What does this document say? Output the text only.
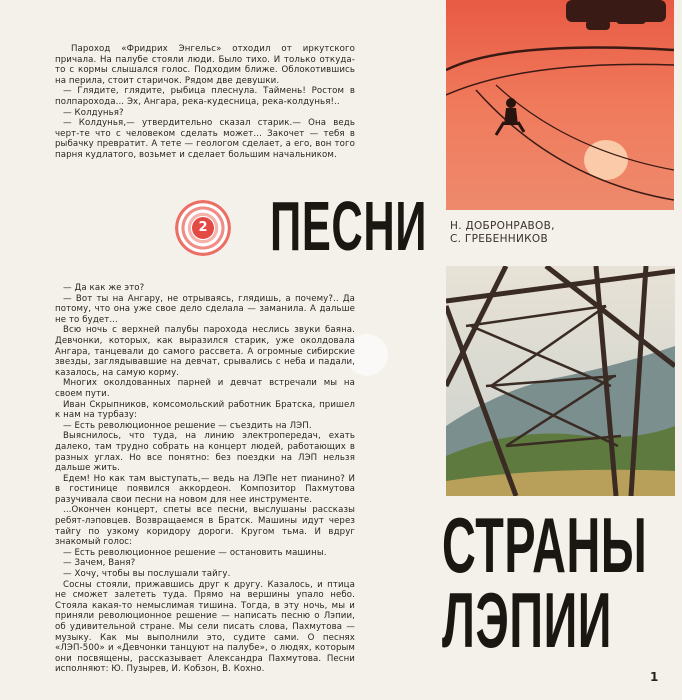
Пароход «Фридрих Энгельс» отходил от иркутского причала. На палубе стояли люди. Было тихо. И только откуда-то с кормы слышался голос. Подходим ближе. Облокотившись на перила, стоит старичок. Рядом две девушки.

— Глядите, глядите, рыбица плеснула. Таймень! Ростом в полпарохода... Эх, Ангара, река-кудесница, река-колдунья!..

— Колдунья?

— Колдунья,— утвердительно сказал старик.— Она ведь черт-те что с человеком сделать может... Закочет — тебя в рыбачку превратит. А тете — геологом сделает, а его, вон того парня кудлатого, возьмет и сделает большим начальником.

2 ПЕСНИ Н. ДОБРОНРАВОВ,
С. ГРЕБЕННИКОВ

— Да как же это?

— Вот ты на Ангару, не отрываясь, глядишь, а почему?.. Да потому, что она уже свое дело сделала — заманила. А дальше не то будет...

Всю ночь с верхней палубы парохода неслись звуки баяна. Девчонки, которых, как выразился старик, уже околдовала Ангара, танцевали до самого рассвета. А огромные сибирские звезды, заглядывавшие на девчат, срывались с неба и падали, казалось, на самую корму.

Многих околдованных парней и девчат встречали мы на своем пути.

Иван Скрыпников, комсомольский работник Братска, пришел к нам на турбазу:

— Есть революционное решение — съездить на ЛЭП.

Выяснилось, что туда, на линию электропередач, ехать далеко, там трудно собрать на концерт людей, работающих в разных углах. Но все понятно: без поездки на ЛЭП нельзя дальше жить.

Едем! Но как там выступать,— ведь на ЛЭПе нет пианино? И в гостинице появился аккордеон. Композитор Пахмутова разучивала свои песни на новом для нее инструменте.

...Окончен концерт, спеты все песни, выслушаны рассказы ребят-лэповцев. Возвращаемся в Братск. Машины идут через тайгу по узкому коридору дороги. Кругом тьма. И вдруг знакомый голос:

— Есть революционное решение — остановить машины.

— Зачем, Ваня?

— Хочу, чтобы вы послушали тайгу.

Сосны стояли, прижавшись друг к другу. Казалось, и птица не сможет залететь туда. Прямо на вершины упало небо. Стояла какая-то немыслимая тишина. Тогда, в эту ночь, мы и приняли революционное решение — написать песню о Лэпии, об удивительной стране. Мы сели писать слова, Пахмутова — музыку. Как мы выполнили это, судите сами. О песнях «ЛЭП-500» и «Девчонки танцуют на палубе», о людях, которым они посвящены, рассказывает Александра Пахмутова. Песни исполняют: Ю. Пузырев, И. Кобзон, В. Кохно.

СТРАНЫ
ЛЭПИИ
1
